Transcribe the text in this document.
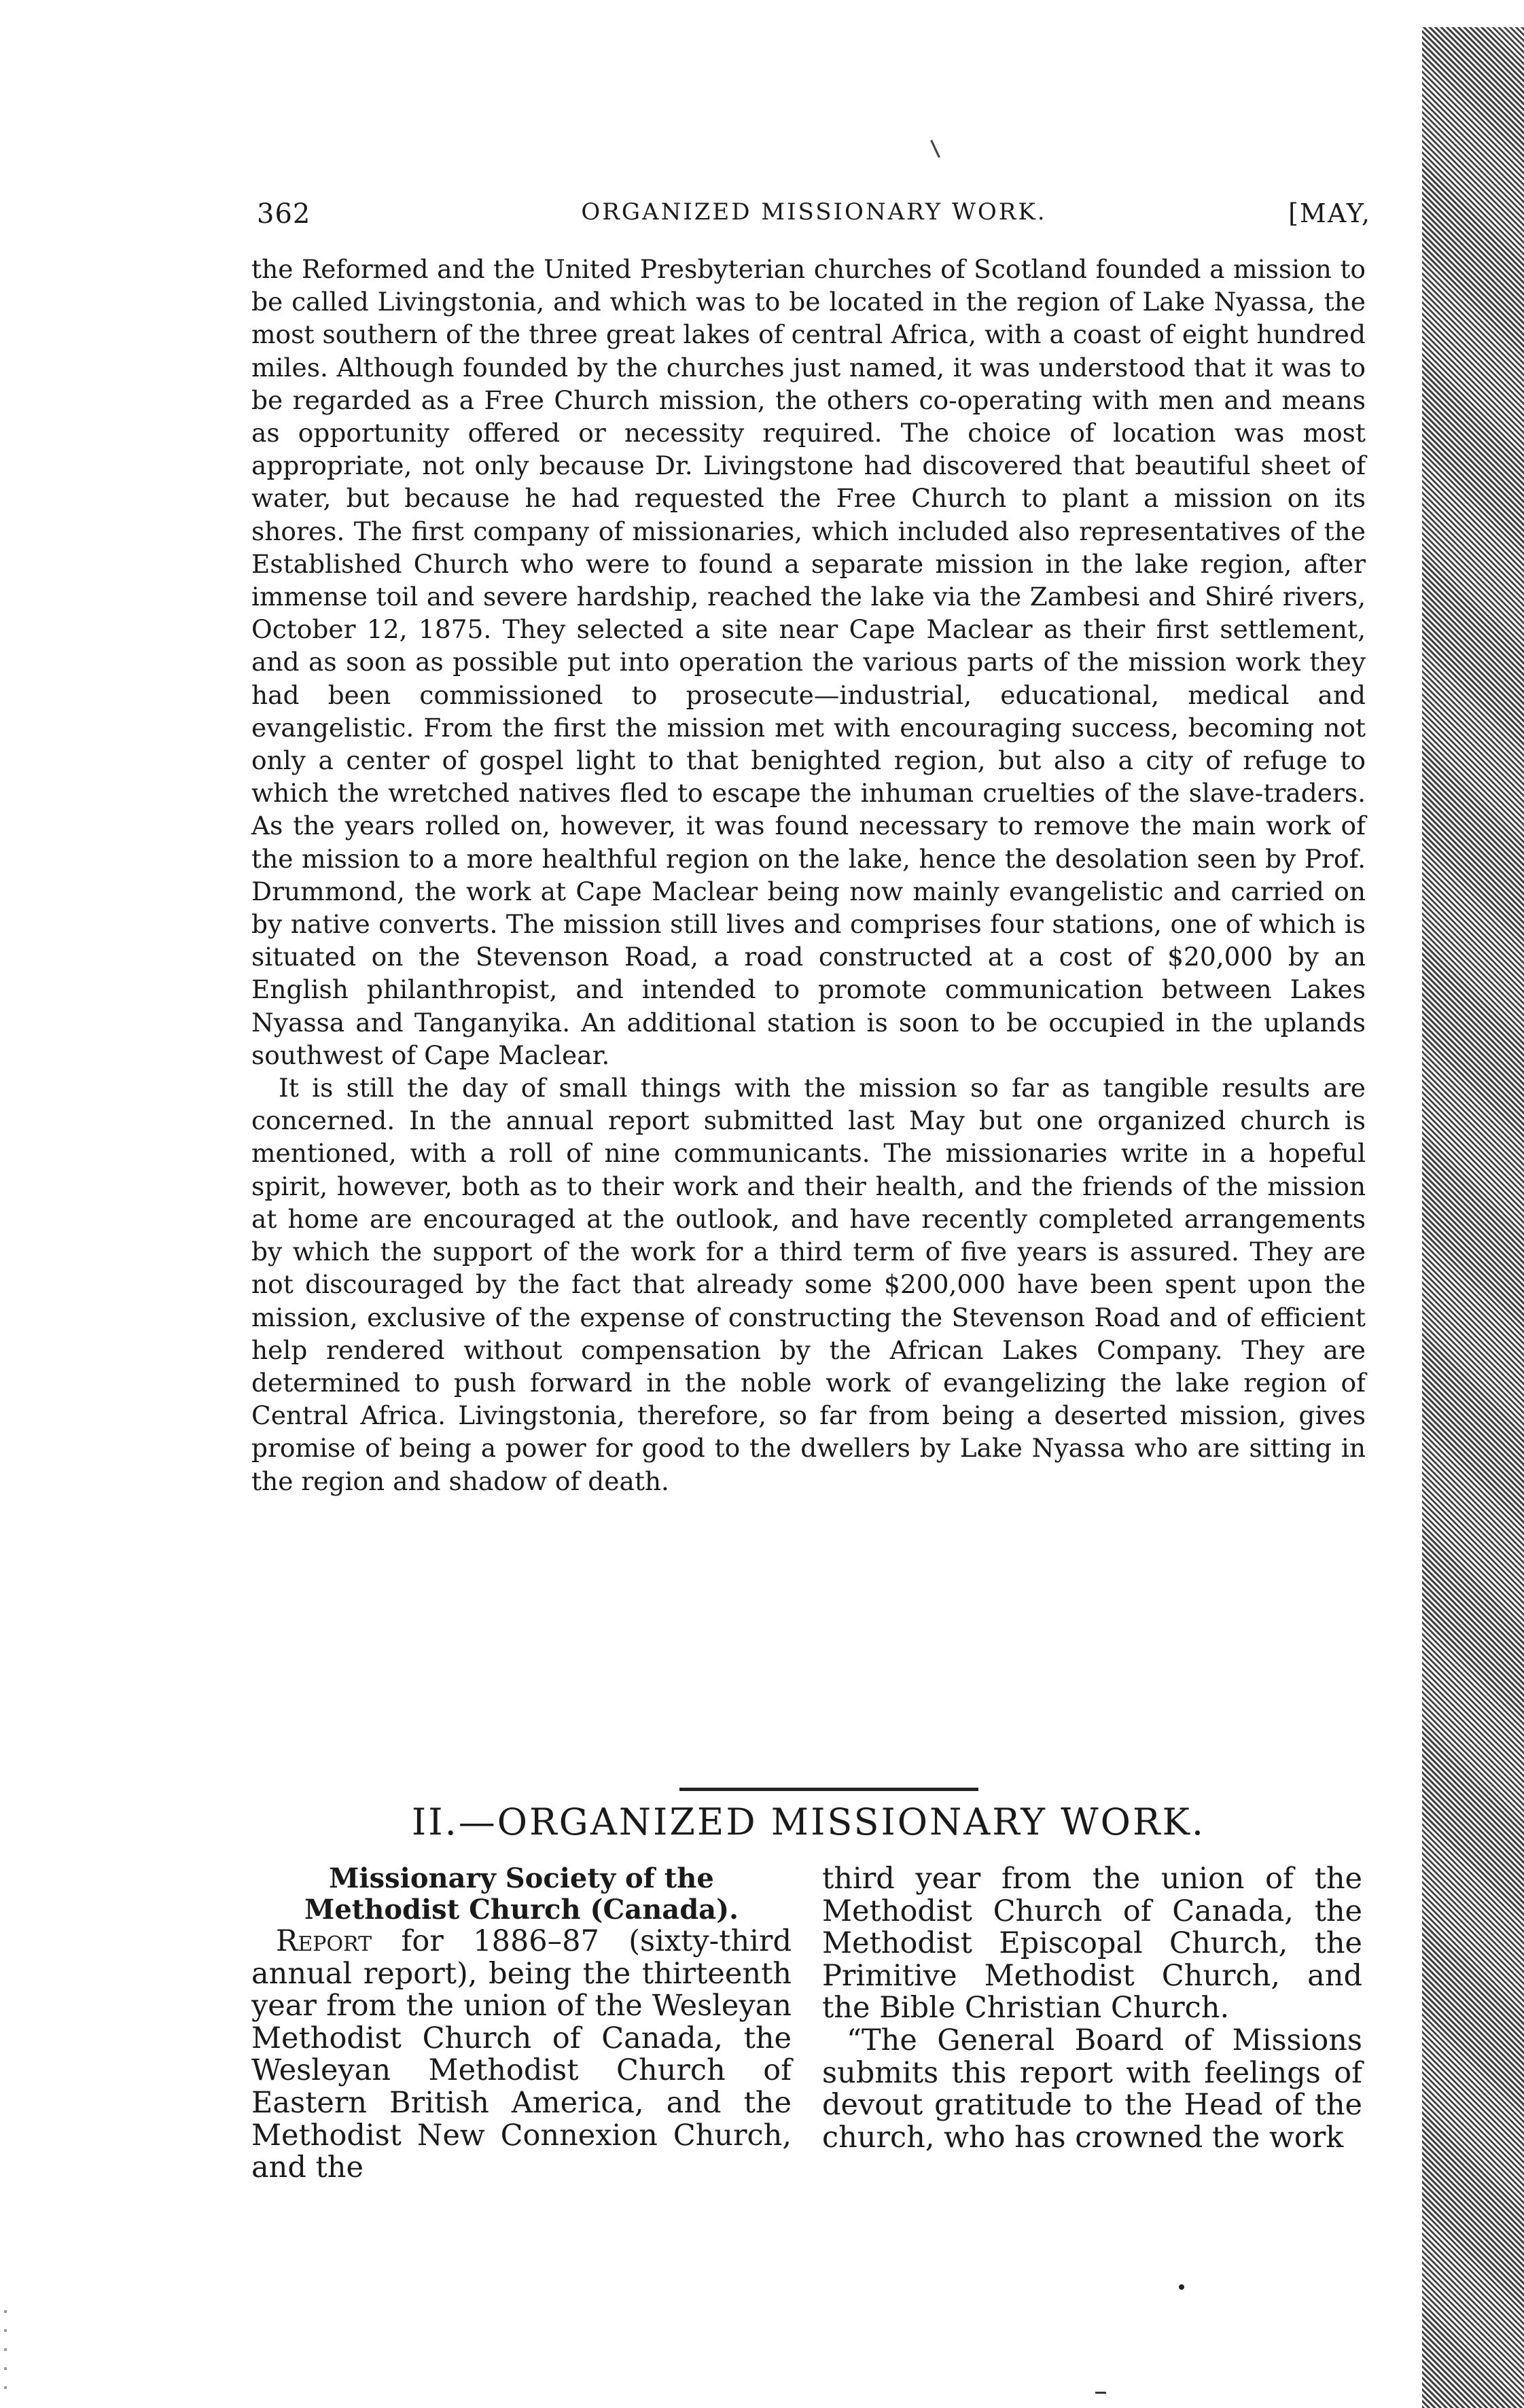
362	ORGANIZED MISSIONARY WORK.	[MAY,

the Reformed and the United Presbyterian churches of Scotland founded a mission to be called Livingstonia, and which was to be located in the region of Lake Nyassa, the most southern of the three great lakes of central Africa, with a coast of eight hundred miles. Although founded by the churches just named, it was understood that it was to be regarded as a Free Church mission, the others co-operating with men and means as opportunity offered or necessity required. The choice of location was most appropriate, not only because Dr. Livingstone had discovered that beautiful sheet of water, but because he had requested the Free Church to plant a mission on its shores. The first company of missionaries, which included also representatives of the Established Church who were to found a separate mission in the lake region, after immense toil and severe hardship, reached the lake via the Zambesi and Shiré rivers, October 12, 1875. They selected a site near Cape Maclear as their first settlement, and as soon as possible put into operation the various parts of the mission work they had been commissioned to prosecute—industrial, educational, medical and evangelistic. From the first the mission met with encouraging success, becoming not only a center of gospel light to that benighted region, but also a city of refuge to which the wretched natives fled to escape the inhuman cruelties of the slave-traders. As the years rolled on, however, it was found necessary to remove the main work of the mission to a more healthful region on the lake, hence the desolation seen by Prof. Drummond, the work at Cape Maclear being now mainly evangelistic and carried on by native converts. The mission still lives and comprises four stations, one of which is situated on the Stevenson Road, a road constructed at a cost of $20,000 by an English philanthropist, and intended to promote communication between Lakes Nyassa and Tanganyika. An additional station is soon to be occupied in the uplands southwest of Cape Maclear.

It is still the day of small things with the mission so far as tangible results are concerned. In the annual report submitted last May but one organized church is mentioned, with a roll of nine communicants. The missionaries write in a hopeful spirit, however, both as to their work and their health, and the friends of the mission at home are encouraged at the outlook, and have recently completed arrangements by which the support of the work for a third term of five years is assured. They are not discouraged by the fact that already some $200,000 have been spent upon the mission, exclusive of the expense of constructing the Stevenson Road and of efficient help rendered without compensation by the African Lakes Company. They are determined to push forward in the noble work of evangelizing the lake region of Central Africa. Livingstonia, therefore, so far from being a deserted mission, gives promise of being a power for good to the dwellers by Lake Nyassa who are sitting in the region and shadow of death.

II.—ORGANIZED MISSIONARY WORK.

Missionary Society of the Methodist Church (Canada).

Report for 1886–87 (sixty-third annual report), being the thirteenth year from the union of the Wesleyan Methodist Church of Canada, the Wesleyan Methodist Church of Eastern British America, and the Methodist New Connexion Church, and the

third year from the union of the Methodist Church of Canada, the Methodist Episcopal Church, the Primitive Methodist Church, and the Bible Christian Church.

“The General Board of Missions submits this report with feelings of devout gratitude to the Head of the church, who has crowned the work
